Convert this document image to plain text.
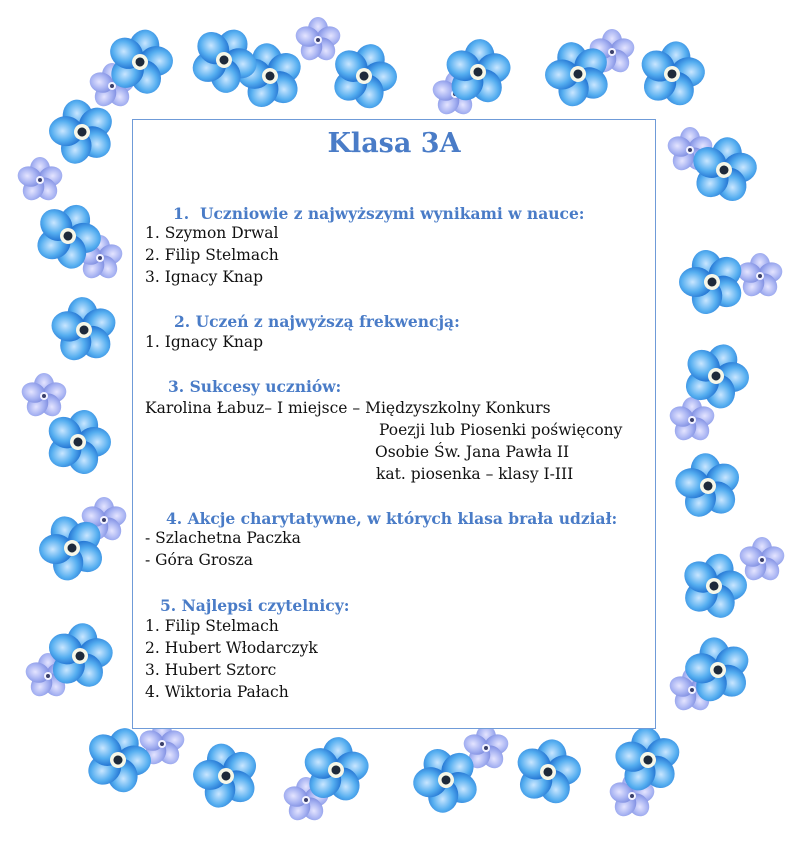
Klasa 3A

1.  Uczniowie z najwyższymi wynikami w nauce:

1. Szymon Drwal

2. Filip Stelmach

3. Ignacy Knap

2. Uczeń z najwyższą frekwencją:

1. Ignacy Knap

3. Sukcesy uczniów:

Karolina Łabuz– I miejsce – Międzyszkolny Konkurs

Poezji lub Piosenki poświęcony

Osobie Św. Jana Pawła II

kat. piosenka – klasy I-III

4. Akcje charytatywne, w których klasa brała udział:

- Szlachetna Paczka

- Góra Grosza

5. Najlepsi czytelnicy:

1. Filip Stelmach

2. Hubert Włodarczyk

3. Hubert Sztorc

4. Wiktoria Pałach
